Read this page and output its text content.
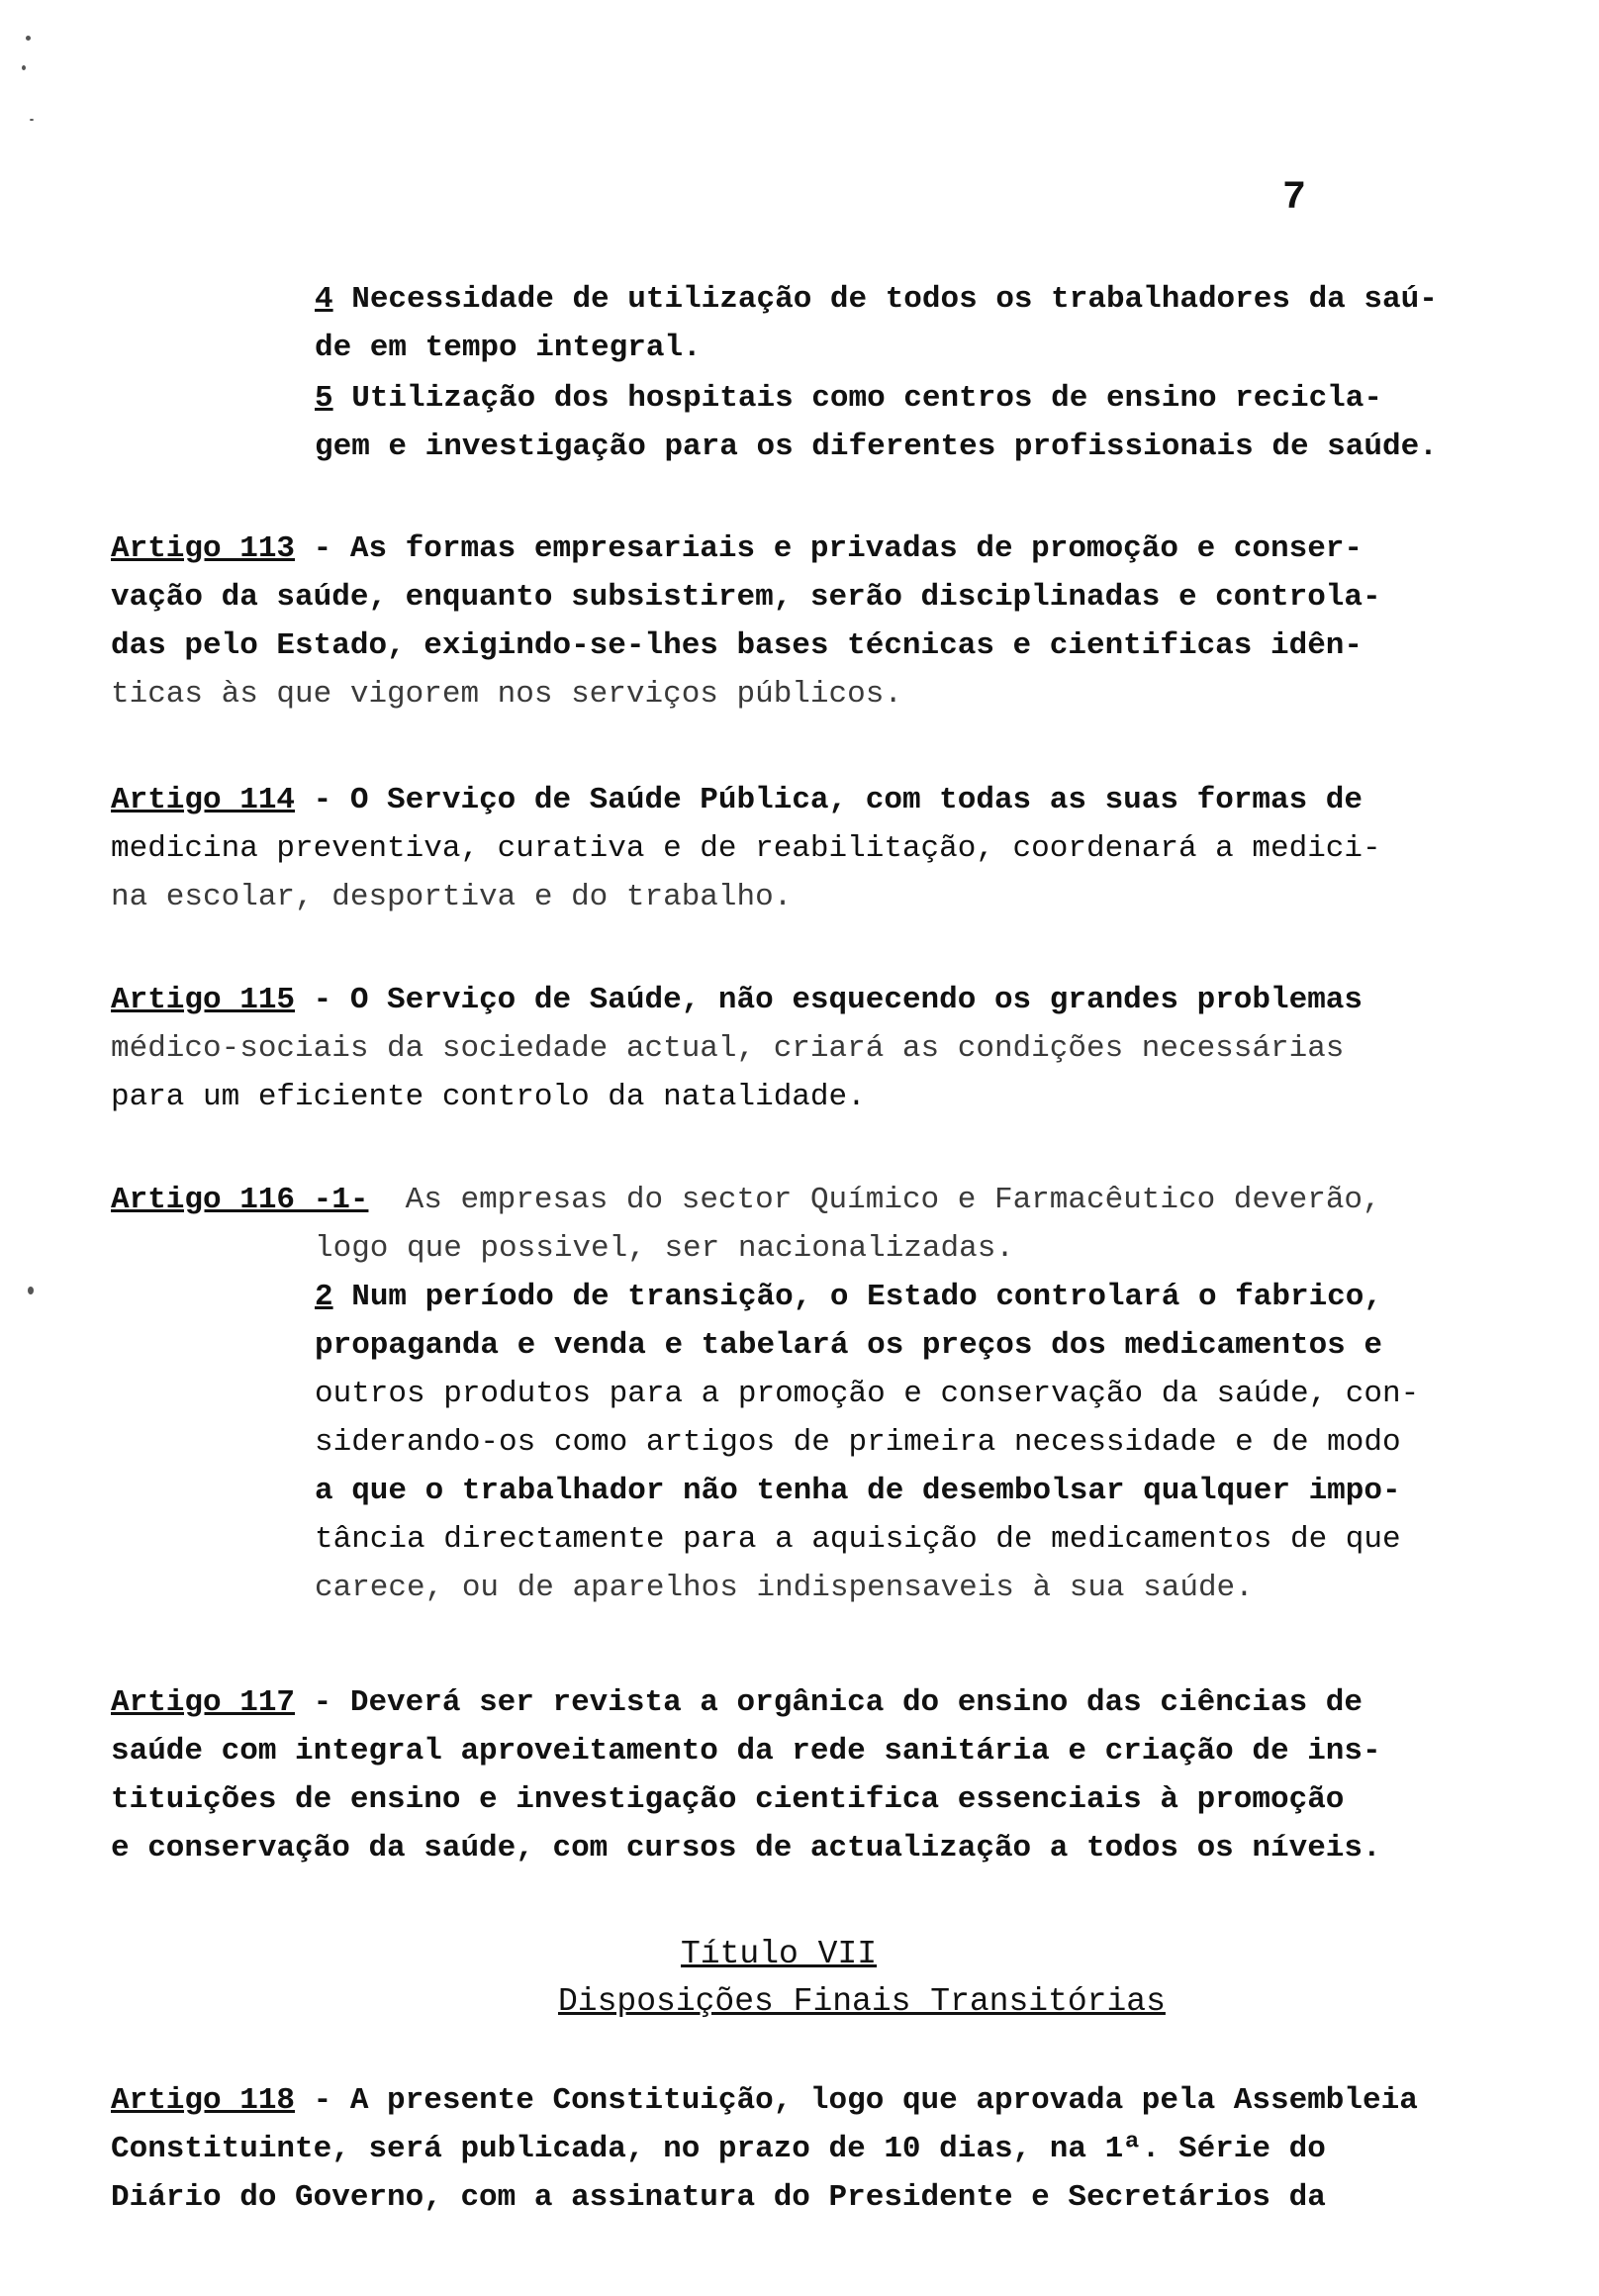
7
4 Necessidade de utilização de todos os trabalhadores da saú-
de em tempo integral.
5 Utilização dos hospitais como centros de ensino recicla-
gem e investigação para os diferentes profissionais de saúde.
Artigo 113 - As formas empresariais e privadas de promoção e conser-
vação da saúde, enquanto subsistirem, serão disciplinadas e controla-
das pelo Estado, exigindo-se-lhes bases técnicas e cientificas idên-
ticas às que vigorem nos serviços públicos.
Artigo 114 - O Serviço de Saúde Pública, com todas as suas formas de
medicina preventiva, curativa e de reabilitação, coordenará a medici-
na escolar, desportiva e do trabalho.
Artigo 115 - O Serviço de Saúde, não esquecendo os grandes problemas
médico-sociais da sociedade actual, criará as condições necessárias
para um eficiente controlo da natalidade.
Artigo 116 -1- As empresas do sector Químico e Farmacêutico deverão,
logo que possivel, ser nacionalizadas.
2 Num período de transição, o Estado controlará o fabrico,
propaganda e venda e tabelará os preços dos medicamentos e
outros produtos para a promoção e conservação da saúde, con-
siderando-os como artigos de primeira necessidade e de modo
a que o trabalhador não tenha de desembolsar qualquer impo-
tância directamente para a aquisição de medicamentos de que
carece, ou de aparelhos indispensaveis à sua saúde.
Artigo 117 - Deverá ser revista a orgânica do ensino das ciências de
saúde com integral aproveitamento da rede sanitária e criação de ins-
tituições de ensino e investigação cientifica essenciais à promoção
e conservação da saúde, com cursos de actualização a todos os níveis.
Título VII
Disposições Finais Transitórias
Artigo 118 - A presente Constituição, logo que aprovada pela Assembleia
Constituinte, será publicada, no prazo de 10 dias, na 1ª. Série do
Diário do Governo, com a assinatura do Presidente e Secretários da
